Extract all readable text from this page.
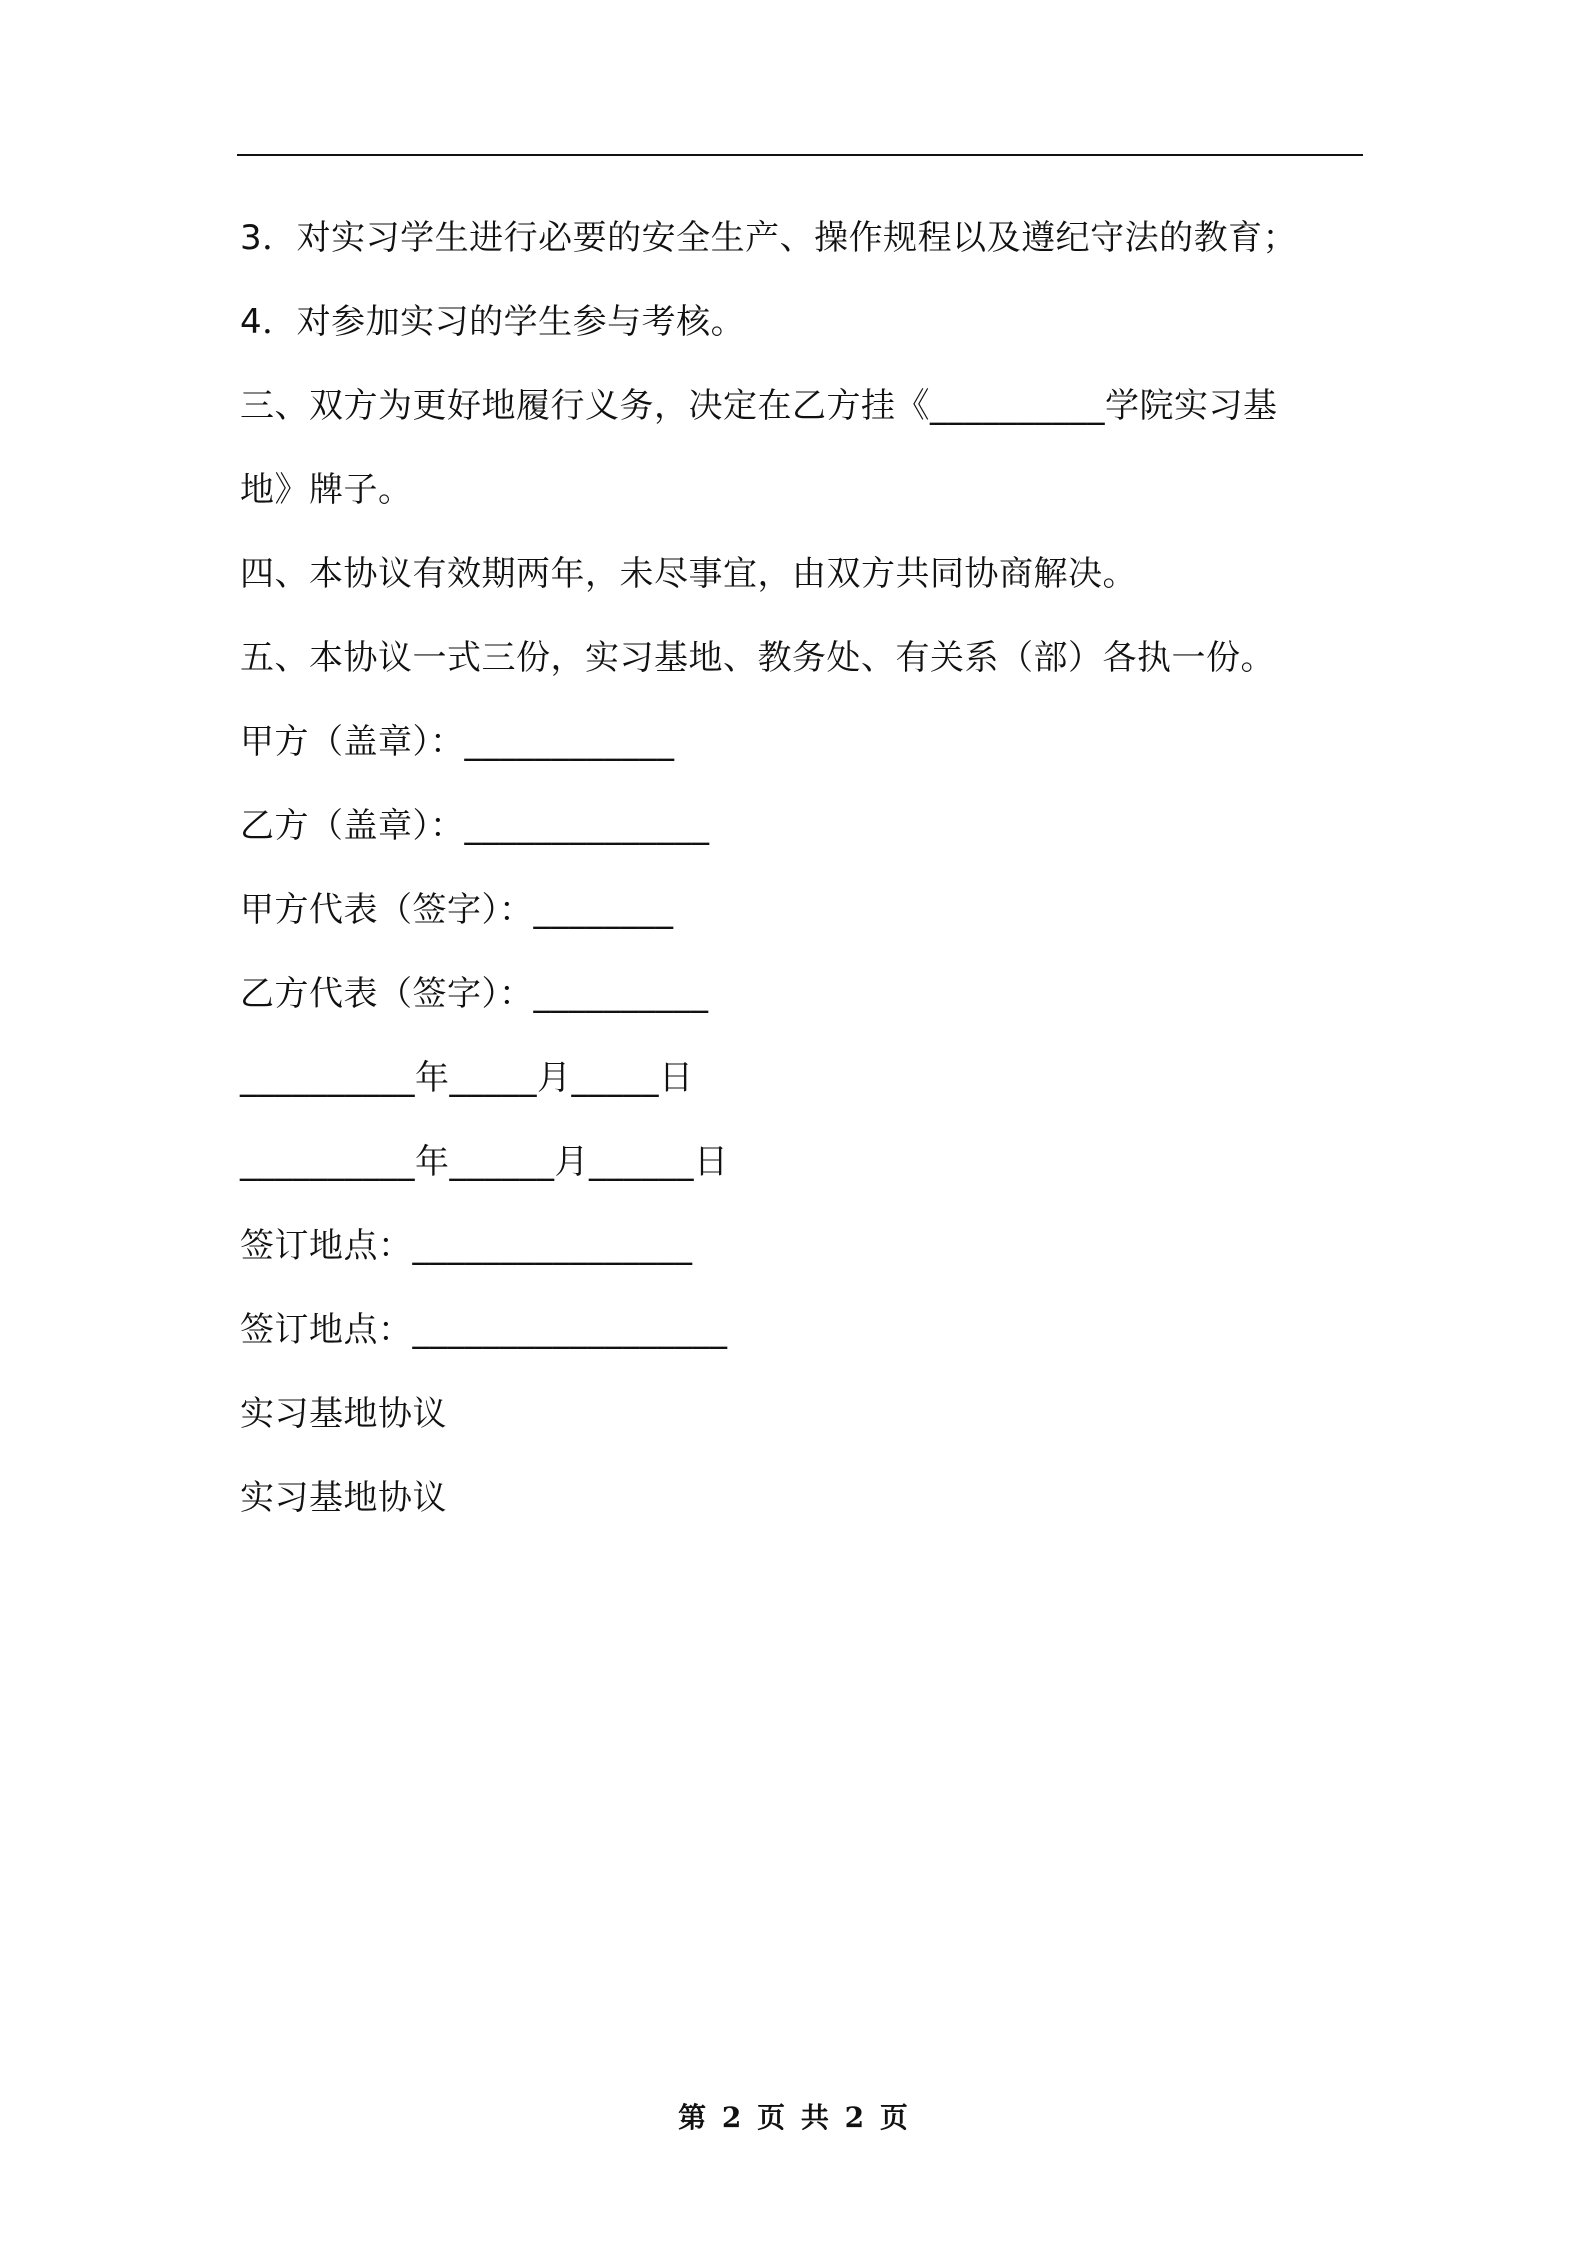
3．对实习学生进行必要的安全生产、操作规程以及遵纪守法的教育；
4．对参加实习的学生参与考核。
三、双方为更好地履行义务，决定在乙方挂《__________学院实习基
地》牌子。
四、本协议有效期两年，未尽事宜，由双方共同协商解决。
五、本协议一式三份，实习基地、教务处、有关系（部）各执一份。
甲方（盖章）：____________
乙方（盖章）：______________
甲方代表（签字）：________
乙方代表（签字）：__________
__________年_____月_____日
__________年______月______日
签订地点：________________
签订地点：__________________
实习基地协议
实习基地协议
第 2 页 共 2 页
